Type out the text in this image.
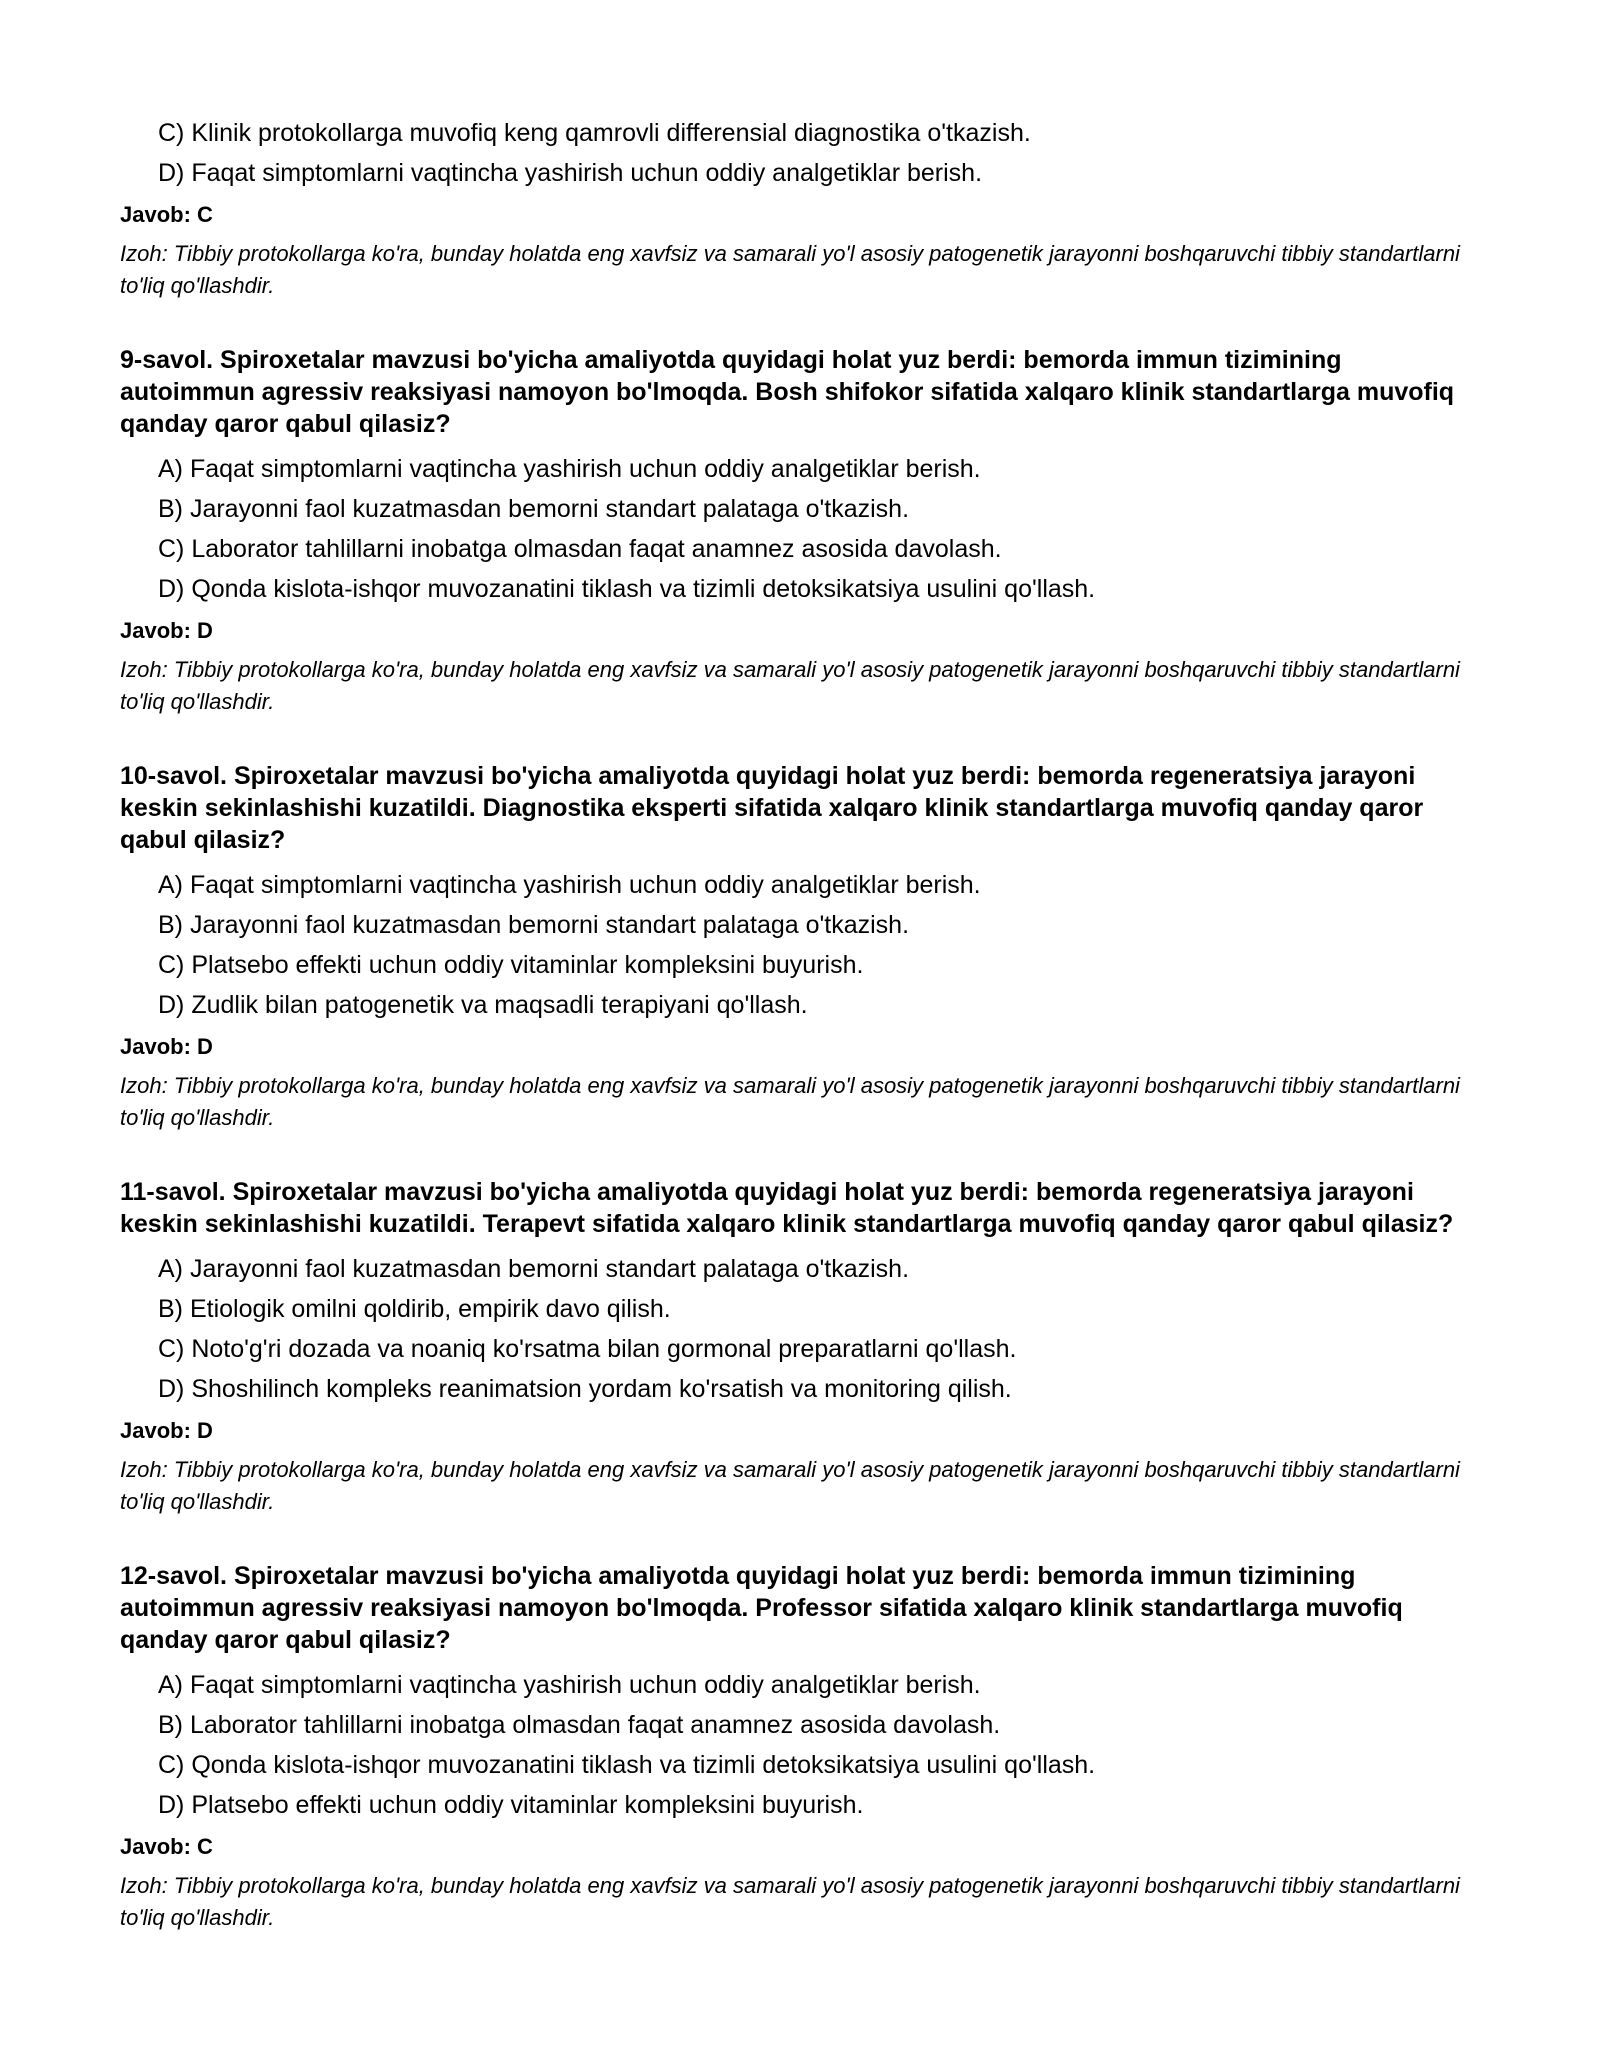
C) Klinik protokollarga muvofiq keng qamrovli differensial diagnostika o'tkazish.
D) Faqat simptomlarni vaqtincha yashirish uchun oddiy analgetiklar berish.
Javob: C
Izoh: Tibbiy protokollarga ko'ra, bunday holatda eng xavfsiz va samarali yo'l asosiy patogenetik jarayonni boshqaruvchi tibbiy standartlarni to'liq qo'llashdir.
9-savol. Spiroxetalar mavzusi bo'yicha amaliyotda quyidagi holat yuz berdi: bemorda immun tizimining autoimmun agressiv reaksiyasi namoyon bo'lmoqda. Bosh shifokor sifatida xalqaro klinik standartlarga muvofiq qanday qaror qabul qilasiz?
A) Faqat simptomlarni vaqtincha yashirish uchun oddiy analgetiklar berish.
B) Jarayonni faol kuzatmasdan bemorni standart palataga o'tkazish.
C) Laborator tahlillarni inobatga olmasdan faqat anamnez asosida davolash.
D) Qonda kislota-ishqor muvozanatini tiklash va tizimli detoksikatsiya usulini qo'llash.
Javob: D
Izoh: Tibbiy protokollarga ko'ra, bunday holatda eng xavfsiz va samarali yo'l asosiy patogenetik jarayonni boshqaruvchi tibbiy standartlarni to'liq qo'llashdir.
10-savol. Spiroxetalar mavzusi bo'yicha amaliyotda quyidagi holat yuz berdi: bemorda regeneratsiya jarayoni keskin sekinlashishi kuzatildi. Diagnostika eksperti sifatida xalqaro klinik standartlarga muvofiq qanday qaror qabul qilasiz?
A) Faqat simptomlarni vaqtincha yashirish uchun oddiy analgetiklar berish.
B) Jarayonni faol kuzatmasdan bemorni standart palataga o'tkazish.
C) Platsebo effekti uchun oddiy vitaminlar kompleksini buyurish.
D) Zudlik bilan patogenetik va maqsadli terapiyani qo'llash.
Javob: D
Izoh: Tibbiy protokollarga ko'ra, bunday holatda eng xavfsiz va samarali yo'l asosiy patogenetik jarayonni boshqaruvchi tibbiy standartlarni to'liq qo'llashdir.
11-savol. Spiroxetalar mavzusi bo'yicha amaliyotda quyidagi holat yuz berdi: bemorda regeneratsiya jarayoni keskin sekinlashishi kuzatildi. Terapevt sifatida xalqaro klinik standartlarga muvofiq qanday qaror qabul qilasiz?
A) Jarayonni faol kuzatmasdan bemorni standart palataga o'tkazish.
B) Etiologik omilni qoldirib, empirik davo qilish.
C) Noto'g'ri dozada va noaniq ko'rsatma bilan gormonal preparatlarni qo'llash.
D) Shoshilinch kompleks reanimatsion yordam ko'rsatish va monitoring qilish.
Javob: D
Izoh: Tibbiy protokollarga ko'ra, bunday holatda eng xavfsiz va samarali yo'l asosiy patogenetik jarayonni boshqaruvchi tibbiy standartlarni to'liq qo'llashdir.
12-savol. Spiroxetalar mavzusi bo'yicha amaliyotda quyidagi holat yuz berdi: bemorda immun tizimining autoimmun agressiv reaksiyasi namoyon bo'lmoqda. Professor sifatida xalqaro klinik standartlarga muvofiq qanday qaror qabul qilasiz?
A) Faqat simptomlarni vaqtincha yashirish uchun oddiy analgetiklar berish.
B) Laborator tahlillarni inobatga olmasdan faqat anamnez asosida davolash.
C) Qonda kislota-ishqor muvozanatini tiklash va tizimli detoksikatsiya usulini qo'llash.
D) Platsebo effekti uchun oddiy vitaminlar kompleksini buyurish.
Javob: C
Izoh: Tibbiy protokollarga ko'ra, bunday holatda eng xavfsiz va samarali yo'l asosiy patogenetik jarayonni boshqaruvchi tibbiy standartlarni to'liq qo'llashdir.
